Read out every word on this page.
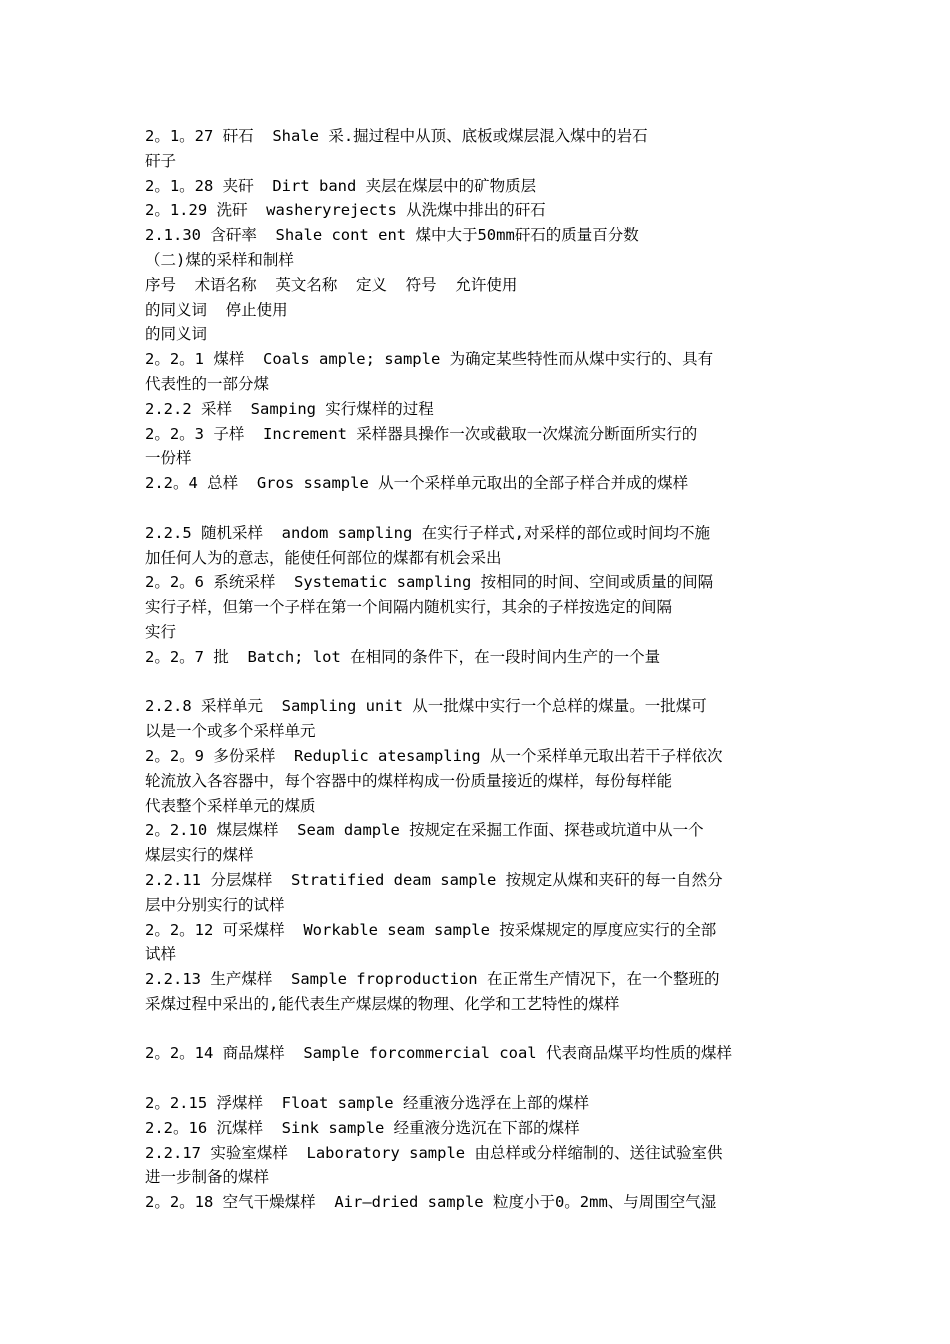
2。1。27 矸石  Shale 采.掘过程中从顶、底板或煤层混入煤中的岩石
矸子
2。1。28 夹矸  Dirt band 夹层在煤层中的矿物质层
2。1.29 洗矸  washeryrejects 从洗煤中排出的矸石
2.1.30 含矸率  Shale cont ent 煤中大于50mm矸石的质量百分数
（二)煤的采样和制样
序号  术语名称  英文名称  定义  符号  允许使用
的同义词  停止使用
的同义词
2。2。1 煤样  Coals ample; sample 为确定某些特性而从煤中实行的、具有
代表性的一部分煤
2.2.2 采样  Samping 实行煤样的过程
2。2。3 子样  Increment 采样器具操作一次或截取一次煤流分断面所实行的
一份样
2.2。4 总样  Gros ssample 从一个采样单元取出的全部子样合并成的煤样
2.2.5 随机采样  andom sampling 在实行子样式,对采样的部位或时间均不施
加任何人为的意志，能使任何部位的煤都有机会采出
2。2。6 系统采样  Systematic sampling 按相同的时间、空间或质量的间隔
实行子样，但第一个子样在第一个间隔内随机实行，其余的子样按选定的间隔
实行
2。2。7 批  Batch; lot 在相同的条件下，在一段时间内生产的一个量
2.2.8 采样单元  Sampling unit 从一批煤中实行一个总样的煤量。一批煤可
以是一个或多个采样单元
2。2。9 多份采样  Reduplic atesampling 从一个采样单元取出若干子样依次
轮流放入各容器中，每个容器中的煤样构成一份质量接近的煤样，每份每样能
代表整个采样单元的煤质
2。2.10 煤层煤样  Seam dample 按规定在采掘工作面、探巷或坑道中从一个
煤层实行的煤样
2.2.11 分层煤样  Stratified deam sample 按规定从煤和夹矸的每一自然分
层中分别实行的试样
2。2。12 可采煤样  Workable seam sample 按采煤规定的厚度应实行的全部
试样
2.2.13 生产煤样  Sample froproduction 在正常生产情况下，在一个整班的
采煤过程中采出的,能代表生产煤层煤的物理、化学和工艺特性的煤样
2。2。14 商品煤样  Sample forcommercial coal 代表商品煤平均性质的煤样
2。2.15 浮煤样  Float sample 经重液分选浮在上部的煤样
2.2。16 沉煤样  Sink sample 经重液分选沉在下部的煤样
2.2.17 实验室煤样  Laboratory sample 由总样或分样缩制的、送往试验室供
进一步制备的煤样
2。2。18 空气干燥煤样  Air—dried sample 粒度小于0。2mm、与周围空气湿
